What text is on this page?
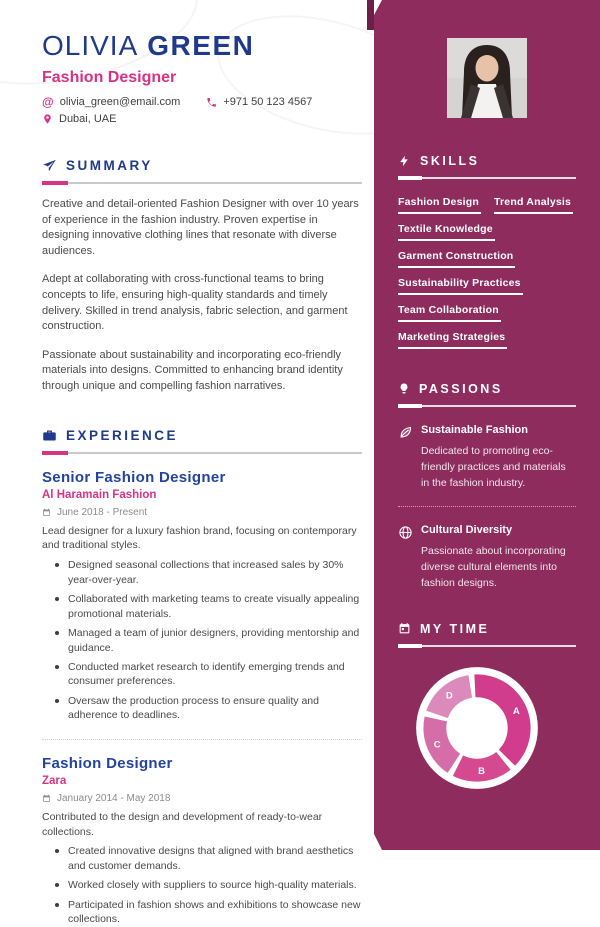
OLIVIA GREEN
Fashion Designer
@ olivia_green@email.com	+971 50 123 4567
Dubai, UAE
SUMMARY

Creative and detail-oriented Fashion Designer with over 10 years of experience in the fashion industry. Proven expertise in designing innovative clothing lines that resonate with diverse audiences.

Adept at collaborating with cross-functional teams to bring concepts to life, ensuring high-quality standards and timely delivery. Skilled in trend analysis, fabric selection, and garment construction.

Passionate about sustainability and incorporating eco-friendly materials into designs. Committed to enhancing brand identity through unique and compelling fashion narratives.

EXPERIENCE
Senior Fashion Designer
Al Haramain Fashion
June 2018 - Present
Lead designer for a luxury fashion brand, focusing on contemporary and traditional styles.
Designed seasonal collections that increased sales by 30% year-over-year.
Collaborated with marketing teams to create visually appealing promotional materials.
Managed a team of junior designers, providing mentorship and guidance.
Conducted market research to identify emerging trends and consumer preferences.
Oversaw the production process to ensure quality and adherence to deadlines.
Fashion Designer
Zara
January 2014 - May 2018
Contributed to the design and development of ready-to-wear collections.
Created innovative designs that aligned with brand aesthetics and customer demands.
Worked closely with suppliers to source high-quality materials.
Participated in fashion shows and exhibitions to showcase new collections.
SKILLS
Fashion Design Trend Analysis
Textile Knowledge
Garment Construction
Sustainability Practices
Team Collaboration
Marketing Strategies
PASSIONS
Sustainable Fashion
Dedicated to promoting eco-friendly practices and materials in the fashion industry.
Cultural Diversity
Passionate about incorporating diverse cultural elements into fashion designs.
MY TIME
A
B
C
D
